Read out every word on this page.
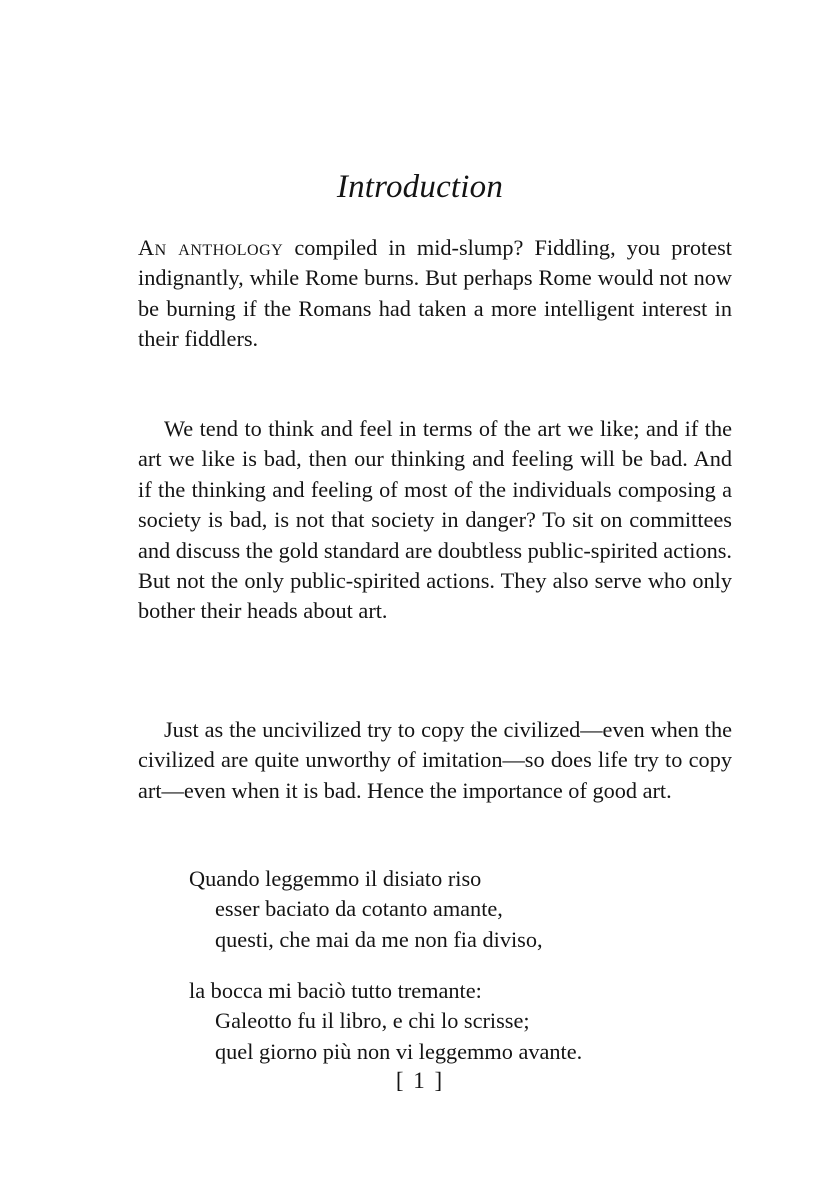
Introduction

An anthology compiled in mid-slump? Fiddling, you protest indignantly, while Rome burns. But perhaps Rome would not now be burning if the Romans had taken a more intelligent interest in their fiddlers.

We tend to think and feel in terms of the art we like; and if the art we like is bad, then our thinking and feeling will be bad. And if the thinking and feeling of most of the individuals composing a society is bad, is not that society in danger? To sit on committees and discuss the gold standard are doubtless public-spirited actions. But not the only public-spirited actions. They also serve who only bother their heads about art.

Just as the uncivilized try to copy the civilized—even when the civilized are quite unworthy of imitation—so does life try to copy art—even when it is bad. Hence the importance of good art.

Quando leggemmo il disiato riso
esser baciato da cotanto amante,
questi, che mai da me non fia diviso,
la bocca mi baciò tutto tremante:
Galeotto fu il libro, e chi lo scrisse;
quel giorno più non vi leggemmo avante.
[ 1 ]
